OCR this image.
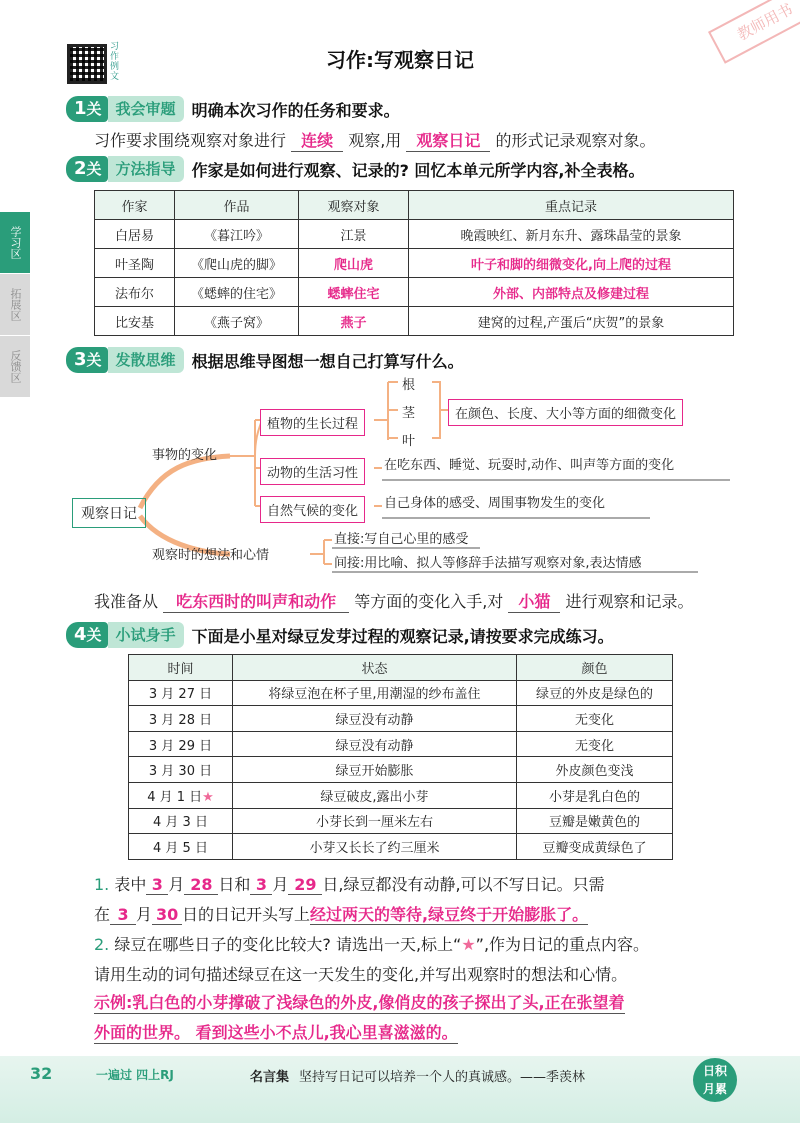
习作例文
习作:写观察日记
教师用书
学习区
拓展区
反馈区
1关 我会审题	明确本次习作的任务和要求。
习作要求围绕观察对象进行 连续 观察,用 观察日记 的形式记录观察对象。
2关 方法指导	作家是如何进行观察、记录的? 回忆本单元所学内容,补全表格。
作家	作品	观察对象	重点记录
白居易	《暮江吟》	江景	晚霞映红、新月东升、露珠晶莹的景象
叶圣陶	《爬山虎的脚》	爬山虎	叶子和脚的细微变化,向上爬的过程
法布尔	《蟋蟀的住宅》	蟋蟀住宅	外部、内部特点及修建过程
比安基	《燕子窝》	燕子	建窝的过程,产蛋后“庆贺”的景象
3关 发散思维	根据思维导图想一想自己打算写什么。
观察日记
事物的变化
观察时的想法和心情
植物的生长过程
根
茎
叶
在颜色、长度、大小等方面的细微变化
动物的生活习性
在吃东西、睡觉、玩耍时,动作、叫声等方面的变化
自然气候的变化
自己身体的感受、周围事物发生的变化
直接:写自己心里的感受
间接:用比喻、拟人等修辞手法描写观察对象,表达情感
我准备从 吃东西时的叫声和动作 等方面的变化入手,对 小猫 进行观察和记录。
4关 小试身手	下面是小星对绿豆发芽过程的观察记录,请按要求完成练习。
时间	状态	颜色
3 月 27 日	将绿豆泡在杯子里,用潮湿的纱布盖住	绿豆的外皮是绿色的
3 月 28 日	绿豆没有动静	无变化
3 月 29 日	绿豆没有动静	无变化
3 月 30 日	绿豆开始膨胀	外皮颜色变浅
4 月 1 日★	绿豆破皮,露出小芽	小芽是乳白色的
4 月 3 日	小芽长到一厘米左右	豆瓣是嫩黄色的
4 月 5 日	小芽又长长了约三厘米	豆瓣变成黄绿色了
1. 表中 3 月 28 日和 3 月 29 日,绿豆都没有动静,可以不写日记。只需
在 3 月 30 日的日记开头写上经过两天的等待,绿豆终于开始膨胀了。
2. 绿豆在哪些日子的变化比较大? 请选出一天,标上“★”,作为日记的重点内容。
请用生动的词句描述绿豆在这一天发生的变化,并写出观察时的想法和心情。
示例:乳白色的小芽撑破了浅绿色的外皮,像俏皮的孩子探出了头,正在张望着
外面的世界。 看到这些小不点儿,我心里喜滋滋的。
32	一遍过 四上RJ	名言集 坚持写日记可以培养一个人的真诚感。——季羡林	日积
月累
